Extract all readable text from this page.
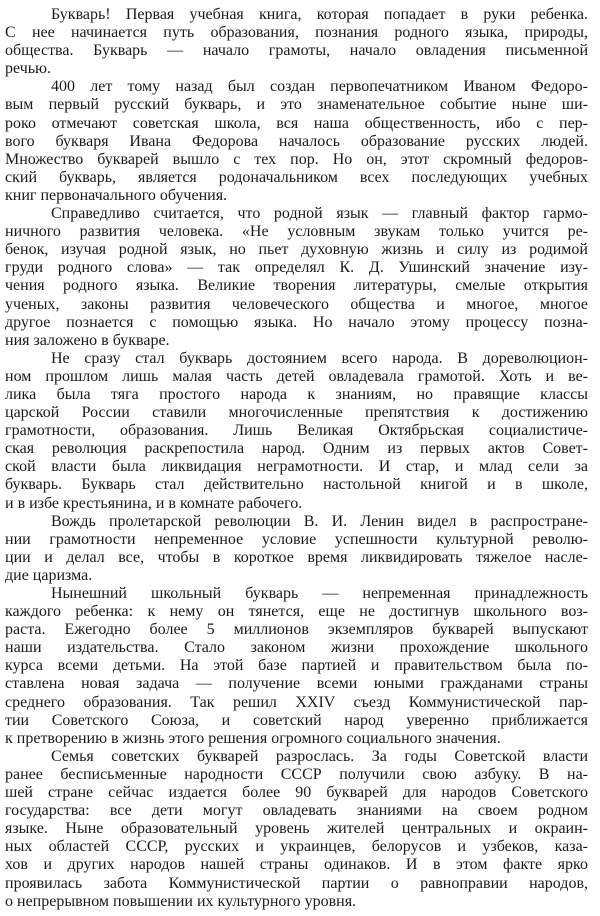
Букварь! Первая учебная книга, которая попадает в руки ребенка.
С нее начинается путь образования, познания родного языка, природы,
общества. Букварь — начало грамоты, начало овладения письменной
речью.
400 лет тому назад был создан первопечатником Иваном Федоро-
вым первый русский букварь, и это знаменательное событие ныне ши-
роко отмечают советская школа, вся наша общественность, ибо с пер-
вого букваря Ивана Федорова началось образование русских людей.
Множество букварей вышло с тех пор. Но он, этот скромный федоров-
ский букварь, является родоначальником всех последующих учебных
книг первоначального обучения.
Справедливо считается, что родной язык — главный фактор гармо-
ничного развития человека. «Не условным звукам только учится ре-
бенок, изучая родной язык, но пьет духовную жизнь и силу из родимой
груди родного слова» — так определял К. Д. Ушинский значение изу-
чения родного языка. Великие творения литературы, смелые открытия
ученых, законы развития человеческого общества и многое, многое
другое познается с помощью языка. Но начало этому процессу позна-
ния заложено в букваре.
Не сразу стал букварь достоянием всего народа. В дореволюцион-
ном прошлом лишь малая часть детей овладевала грамотой. Хоть и ве-
лика была тяга простого народа к знаниям, но правящие классы
царской России ставили многочисленные препятствия к достижению
грамотности, образования. Лишь Великая Октябрьская социалистиче-
ская революция раскрепостила народ. Одним из первых актов Совет-
ской власти была ликвидация неграмотности. И стар, и млад сели за
букварь. Букварь стал действительно настольной книгой и в школе,
и в избе крестьянина, и в комнате рабочего.
Вождь пролетарской революции В. И. Ленин видел в распростране-
нии грамотности непременное условие успешности культурной револю-
ции и делал все, чтобы в короткое время ликвидировать тяжелое насле-
дие царизма.
Нынешний школьный букварь — непременная принадлежность
каждого ребенка: к нему он тянется, еще не достигнув школьного воз-
раста. Ежегодно более 5 миллионов экземпляров букварей выпускают
наши издательства. Стало законом жизни прохождение школьного
курса всеми детьми. На этой базе партией и правительством была по-
ставлена новая задача — получение всеми юными гражданами страны
среднего образования. Так решил XXIV съезд Коммунистической пар-
тии Советского Союза, и советский народ уверенно приближается
к претворению в жизнь этого решения огромного социального значения.
Семья советских букварей разрослась. За годы Советской власти
ранее бесписьменные народности СССР получили свою азбуку. В на-
шей стране сейчас издается более 90 букварей для народов Советского
государства: все дети могут овладевать знаниями на своем родном
языке. Ныне образовательный уровень жителей центральных и окраин-
ных областей СССР, русских и украинцев, белорусов и узбеков, каза-
хов и других народов нашей страны одинаков. И в этом факте ярко
проявилась забота Коммунистической партии о равноправии народов,
о непрерывном повышении их культурного уровня.
